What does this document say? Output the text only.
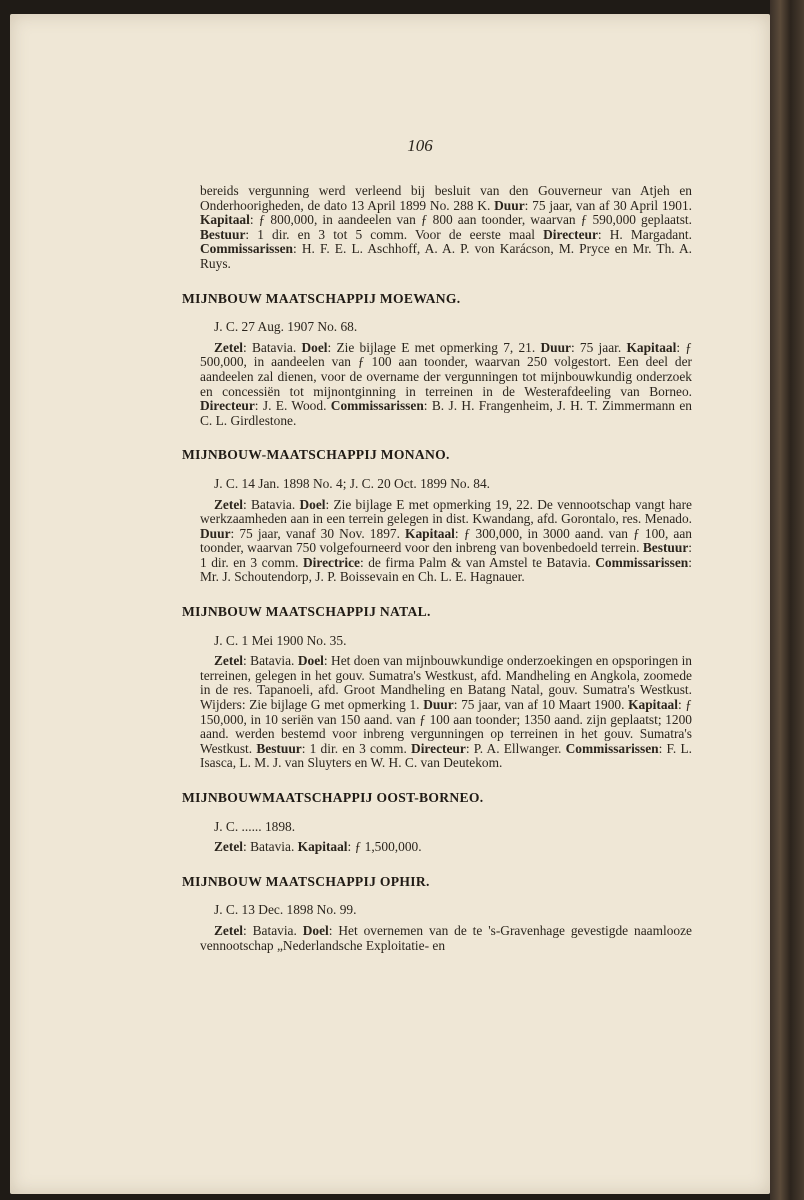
106

bereids vergunning werd verleend bij besluit van den Gouverneur van Atjeh en Onderhoorigheden, de dato 13 April 1899 No. 288 K. Duur: 75 jaar, van af 30 April 1901. Kapitaal: ƒ 800,000, in aandeelen van ƒ 800 aan toonder, waarvan ƒ 590,000 geplaatst. Bestuur: 1 dir. en 3 tot 5 comm. Voor de eerste maal Directeur: H. Margadant. Commissarissen: H. F. E. L. Aschhoff, A. A. P. von Karácson, M. Pryce en Mr. Th. A. Ruys.

MIJNBOUW MAATSCHAPPIJ MOEWANG.
J. C. 27 Aug. 1907 No. 68.

Zetel: Batavia. Doel: Zie bijlage E met opmerking 7, 21. Duur: 75 jaar. Kapitaal: ƒ 500,000, in aandeelen van ƒ 100 aan toonder, waarvan 250 volgestort. Een deel der aandeelen zal dienen, voor de overname der vergunningen tot mijnbouwkundig onderzoek en concessiën tot mijnontginning in terreinen in de Westerafdeeling van Borneo. Directeur: J. E. Wood. Commissarissen: B. J. H. Frangenheim, J. H. T. Zimmermann en C. L. Girdlestone.

MIJNBOUW-MAATSCHAPPIJ MONANO.
J. C. 14 Jan. 1898 No. 4; J. C. 20 Oct. 1899 No. 84.

Zetel: Batavia. Doel: Zie bijlage E met opmerking 19, 22. De vennootschap vangt hare werkzaamheden aan in een terrein gelegen in dist. Kwandang, afd. Gorontalo, res. Menado. Duur: 75 jaar, vanaf 30 Nov. 1897. Kapitaal: ƒ 300,000, in 3000 aand. van ƒ 100, aan toonder, waarvan 750 volgefourneerd voor den inbreng van bovenbedoeld terrein. Bestuur: 1 dir. en 3 comm. Directrice: de firma Palm & van Amstel te Batavia. Commissarissen: Mr. J. Schoutendorp, J. P. Boissevain en Ch. L. E. Hagnauer.

MIJNBOUW MAATSCHAPPIJ NATAL.
J. C. 1 Mei 1900 No. 35.

Zetel: Batavia. Doel: Het doen van mijnbouwkundige onderzoekingen en opsporingen in terreinen, gelegen in het gouv. Sumatra's Westkust, afd. Mandheling en Angkola, zoomede in de res. Tapanoeli, afd. Groot Mandheling en Batang Natal, gouv. Sumatra's Westkust. Wijders: Zie bijlage G met opmerking 1. Duur: 75 jaar, van af 10 Maart 1900. Kapitaal: ƒ 150,000, in 10 seriën van 150 aand. van ƒ 100 aan toonder; 1350 aand. zijn geplaatst; 1200 aand. werden bestemd voor inbreng vergunningen op terreinen in het gouv. Sumatra's Westkust. Bestuur: 1 dir. en 3 comm. Directeur: P. A. Ellwanger. Commissarissen: F. L. Isasca, L. M. J. van Sluyters en W. H. C. van Deutekom.

MIJNBOUWMAATSCHAPPIJ OOST-BORNEO.
J. C. ...... 1898.

Zetel: Batavia. Kapitaal: ƒ 1,500,000.

MIJNBOUW MAATSCHAPPIJ OPHIR.
J. C. 13 Dec. 1898 No. 99.

Zetel: Batavia. Doel: Het overnemen van de te 's-Gravenhage gevestigde naamlooze vennootschap „Nederlandsche Exploitatie- en
